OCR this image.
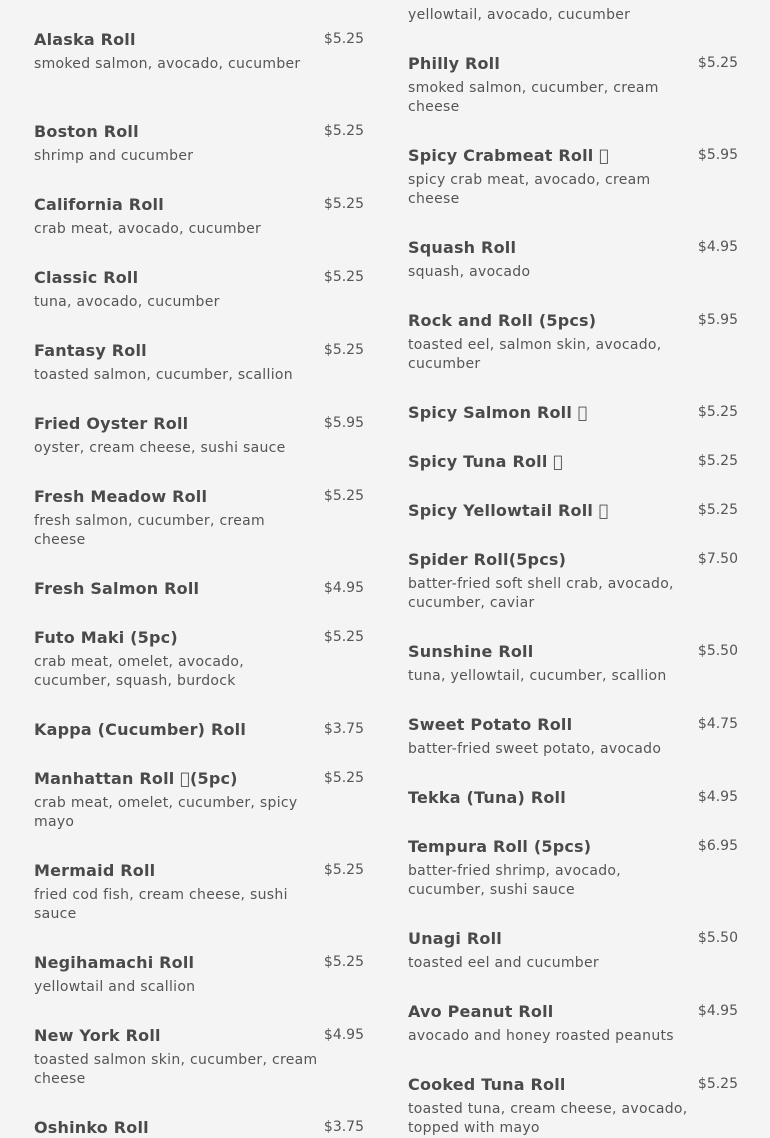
Alaska Roll	$5.25
smoked salmon, avocado, cucumber
Boston Roll	$5.25
shrimp and cucumber
California Roll	$5.25
crab meat, avocado, cucumber
Classic Roll	$5.25
tuna, avocado, cucumber
Fantasy Roll	$5.25
toasted salmon, cucumber, scallion
Fried Oyster Roll	$5.95
oyster, cream cheese, sushi sauce
Fresh Meadow Roll	$5.25
fresh salmon, cucumber, cream cheese
Fresh Salmon Roll	$4.95
Futo Maki (5pc)	$5.25
crab meat, omelet, avocado, cucumber, squash, burdock
Kappa (Cucumber) Roll	$3.75
Manhattan Roll  (5pc)	$5.25
crab meat, omelet, cucumber, spicy mayo
Mermaid Roll	$5.25
fried cod fish, cream cheese, sushi sauce
Negihamachi Roll	$5.25
yellowtail and scallion
New York Roll	$4.95
toasted salmon skin, cucumber, cream cheese
Oshinko Roll	$3.75
yellowtail, avocado, cucumber
Philly Roll	$5.25
smoked salmon, cucumber, cream cheese
Spicy Crabmeat Roll  	$5.95
spicy crab meat, avocado, cream cheese
Squash Roll	$4.95
squash, avocado
Rock and Roll (5pcs)	$5.95
toasted eel, salmon skin, avocado, cucumber
Spicy Salmon Roll  	$5.25
Spicy Tuna Roll  	$5.25
Spicy Yellowtail Roll  	$5.25
Spider Roll(5pcs)	$7.50
batter-fried soft shell crab, avocado, cucumber, caviar
Sunshine Roll	$5.50
tuna, yellowtail, cucumber, scallion
Sweet Potato Roll	$4.75
batter-fried sweet potato, avocado
Tekka (Tuna) Roll	$4.95
Tempura Roll (5pcs)	$6.95
batter-fried shrimp, avocado, cucumber, sushi sauce
Unagi Roll	$5.50
toasted eel and cucumber
Avo Peanut Roll	$4.95
avocado and honey roasted peanuts
Cooked Tuna Roll	$5.25
toasted tuna, cream cheese, avocado, topped with mayo
